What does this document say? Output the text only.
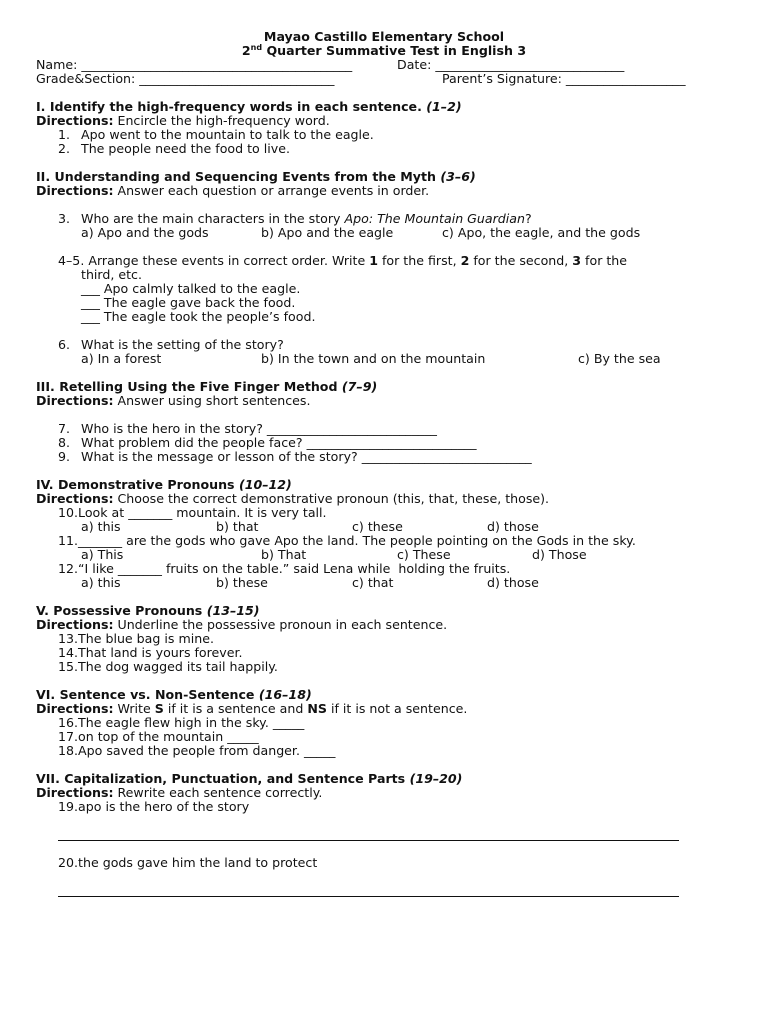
Mayao Castillo Elementary School
2nd Quarter Summative Test in English 3
Name: ___________________________________________	Date: ______________________________
Grade&Section: _______________________________	Parent’s Signature: ___________________
I. Identify the high-frequency words in each sentence. (1–2)
Directions: Encircle the high-frequency word.
1. Apo went to the mountain to talk to the eagle.
2. The people need the food to live.
II. Understanding and Sequencing Events from the Myth (3–6)
Directions: Answer each question or arrange events in order.
3. Who are the main characters in the story Apo: The Mountain Guardian?
a) Apo and the gods	b) Apo and the eagle	c) Apo, the eagle, and the gods
4–5. Arrange these events in correct order. Write 1 for the first, 2 for the second, 3 for the
third, etc.
___ Apo calmly talked to the eagle.
___ The eagle gave back the food.
___ The eagle took the people’s food.
6. What is the setting of the story?
a) In a forest	b) In the town and on the mountain	c) By the sea
III. Retelling Using the Five Finger Method (7–9)
Directions: Answer using short sentences.
7. Who is the hero in the story? ___________________________
8. What problem did the people face? ___________________________
9. What is the message or lesson of the story? ___________________________
IV. Demonstrative Pronouns (10–12)
Directions: Choose the correct demonstrative pronoun (this, that, these, those).
10.Look at _______ mountain. It is very tall.
a) this	b) that	c) these	d) those
11._______ are the gods who gave Apo the land. The people pointing on the Gods in the sky.
a) This	b) That	c) These	d) Those
12.“I like _______ fruits on the table.” said Lena while  holding the fruits.
a) this	b) these	c) that	d) those
V. Possessive Pronouns (13–15)
Directions: Underline the possessive pronoun in each sentence.
13.The blue bag is mine.
14.That land is yours forever.
15.The dog wagged its tail happily.
VI. Sentence vs. Non-Sentence (16–18)
Directions: Write S if it is a sentence and NS if it is not a sentence.
16.The eagle flew high in the sky. _____
17.on top of the mountain _____
18.Apo saved the people from danger. _____
VII. Capitalization, Punctuation, and Sentence Parts (19–20)
Directions: Rewrite each sentence correctly.
19.apo is the hero of the story
20.the gods gave him the land to protect
